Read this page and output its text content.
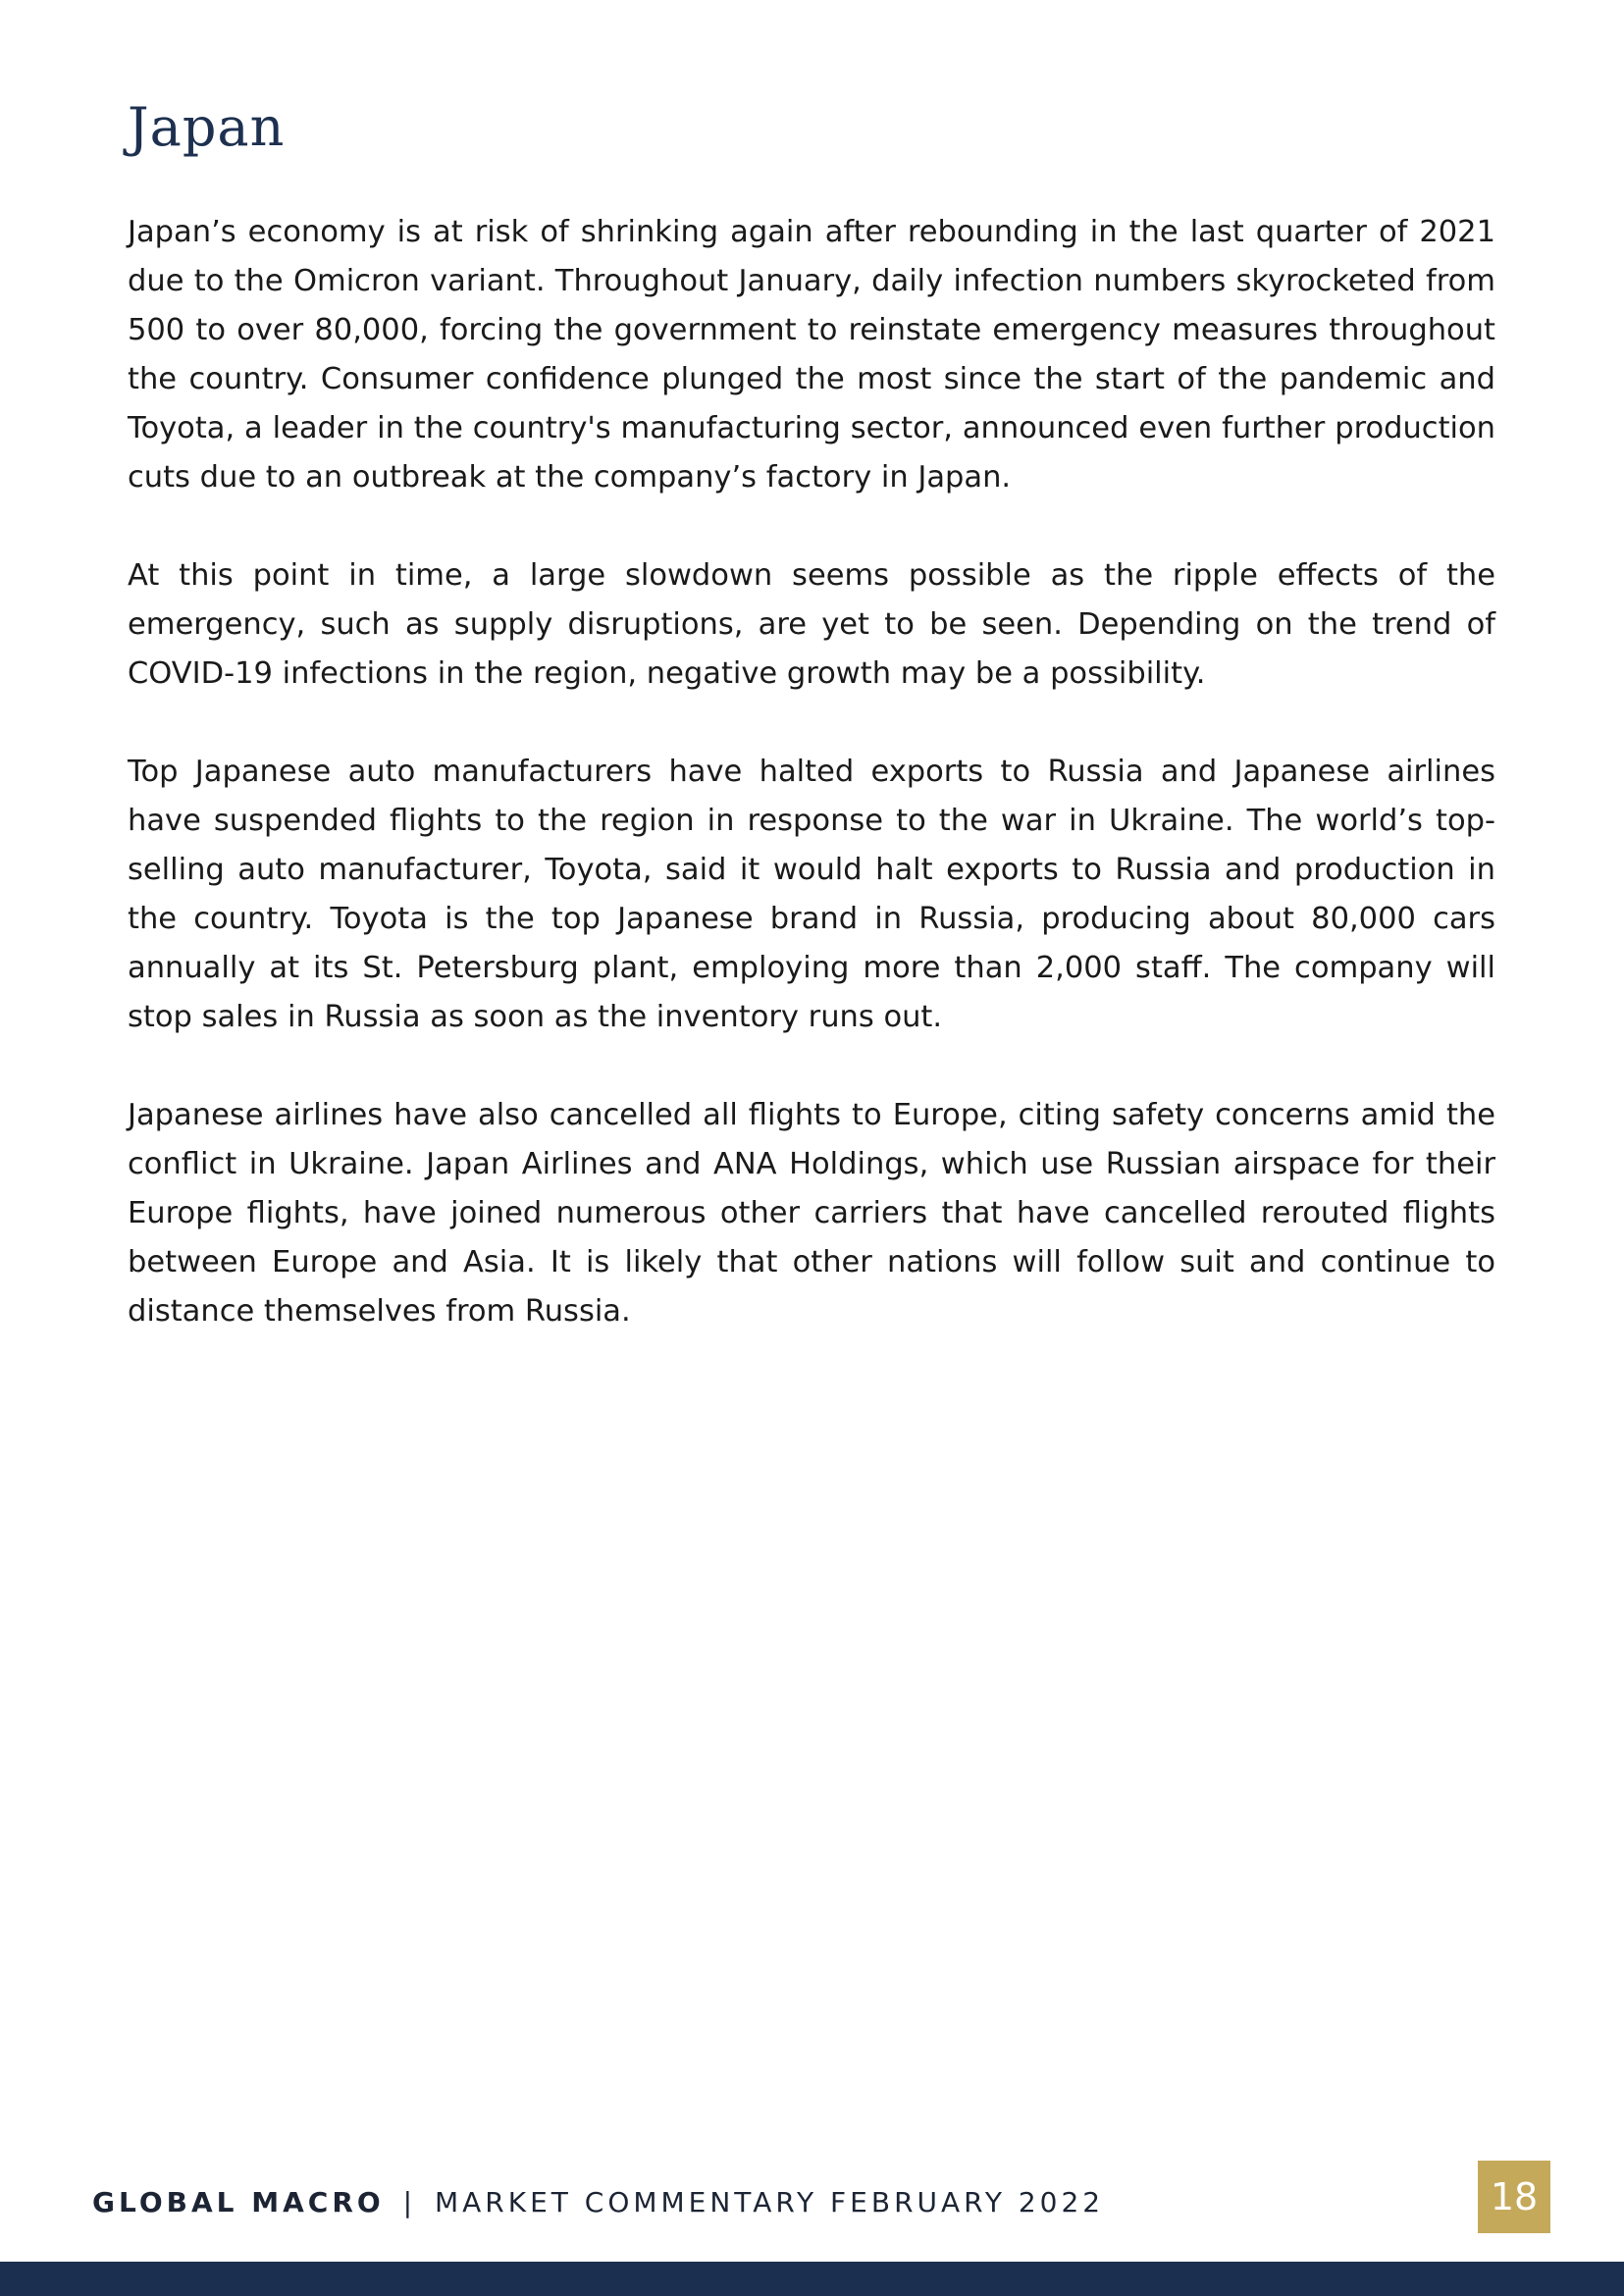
Japan

Japan’s economy is at risk of shrinking again after rebounding in the last quarter of 2021 due to the Omicron variant. Throughout January, daily infection numbers skyrocketed from 500 to over 80,000, forcing the government to reinstate emergency measures throughout the country. Consumer confidence plunged the most since the start of the pandemic and Toyota, a leader in the country's manufacturing sector, announced even further production cuts due to an outbreak at the company’s factory in Japan.

At this point in time, a large slowdown seems possible as the ripple effects of the emergency, such as supply disruptions, are yet to be seen. Depending on the trend of COVID-19 infections in the region, negative growth may be a possibility.

Top Japanese auto manufacturers have halted exports to Russia and Japanese airlines have suspended flights to the region in response to the war in Ukraine. The world’s top-selling auto manufacturer, Toyota, said it would halt exports to Russia and production in the country. Toyota is the top Japanese brand in Russia, producing about 80,000 cars annually at its St. Petersburg plant, employing more than 2,000 staff. The company will stop sales in Russia as soon as the inventory runs out.

Japanese airlines have also cancelled all flights to Europe, citing safety concerns amid the conflict in Ukraine. Japan Airlines and ANA Holdings, which use Russian airspace for their Europe flights, have joined numerous other carriers that have cancelled rerouted flights between Europe and Asia. It is likely that other nations will follow suit and continue to distance themselves from Russia.

GLOBAL MACRO | MARKET COMMENTARY FEBRUARY 2022	18
